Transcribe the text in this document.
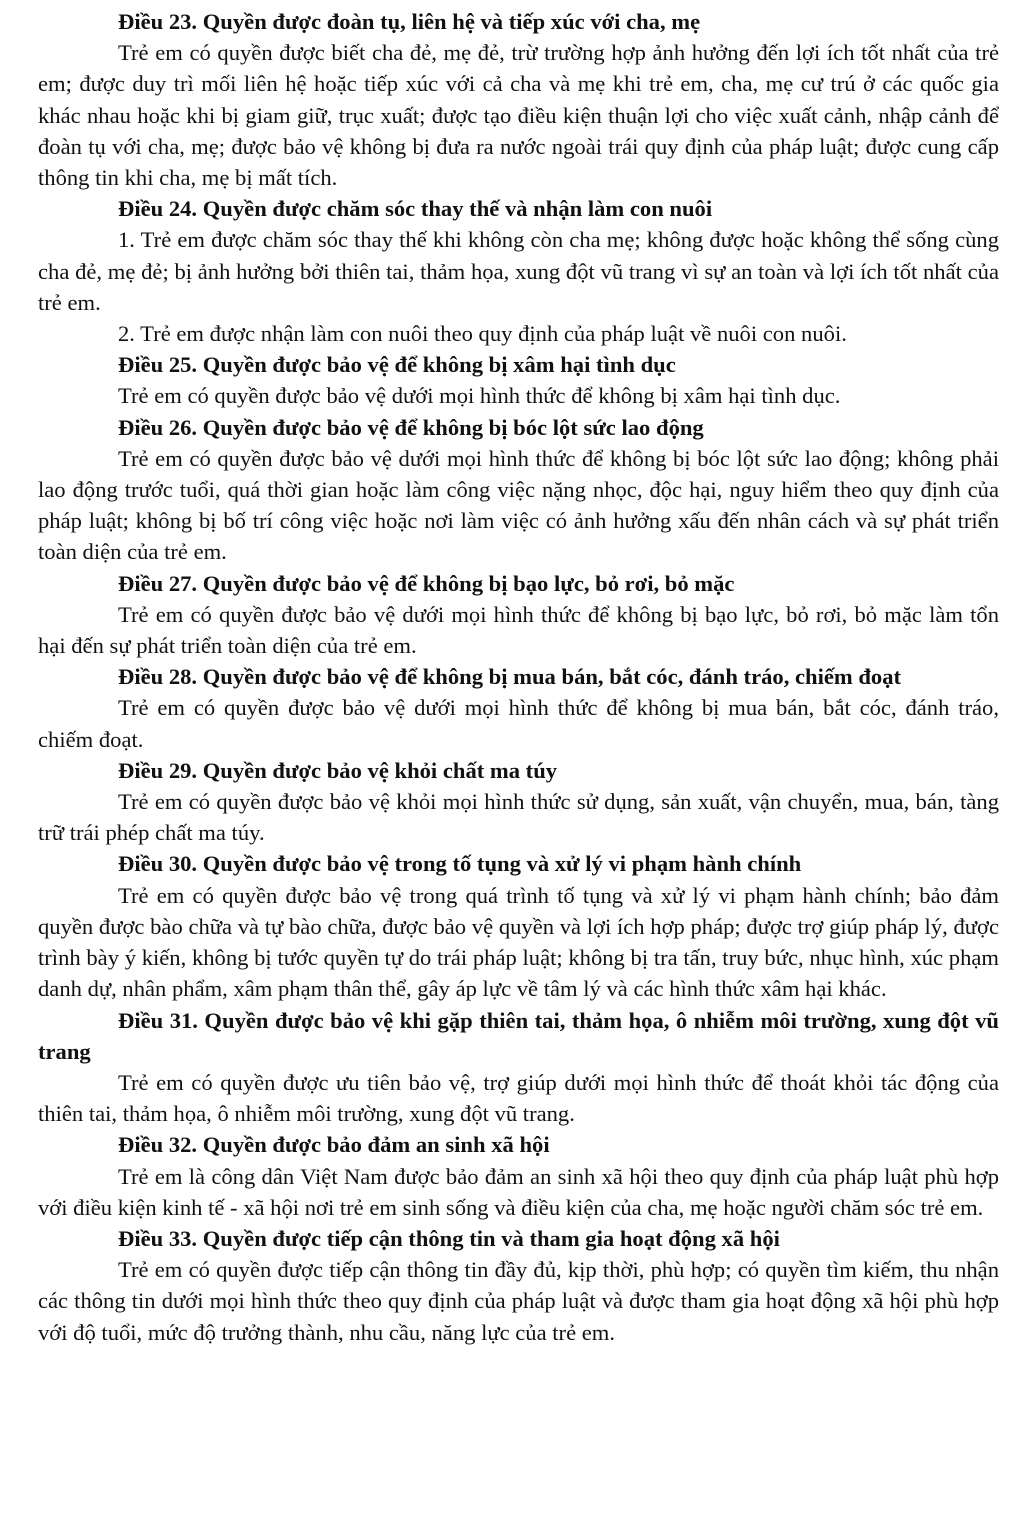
Điều 23. Quyền được đoàn tụ, liên hệ và tiếp xúc với cha, mẹ

Trẻ em có quyền được biết cha đẻ, mẹ đẻ, trừ trường hợp ảnh hưởng đến lợi ích tốt nhất của trẻ em; được duy trì mối liên hệ hoặc tiếp xúc với cả cha và mẹ khi trẻ em, cha, mẹ cư trú ở các quốc gia khác nhau hoặc khi bị giam giữ, trục xuất; được tạo điều kiện thuận lợi cho việc xuất cảnh, nhập cảnh để đoàn tụ với cha, mẹ; được bảo vệ không bị đưa ra nước ngoài trái quy định của pháp luật; được cung cấp thông tin khi cha, mẹ bị mất tích.

Điều 24. Quyền được chăm sóc thay thế và nhận làm con nuôi

1. Trẻ em được chăm sóc thay thế khi không còn cha mẹ; không được hoặc không thể sống cùng cha đẻ, mẹ đẻ; bị ảnh hưởng bởi thiên tai, thảm họa, xung đột vũ trang vì sự an toàn và lợi ích tốt nhất của trẻ em.

2. Trẻ em được nhận làm con nuôi theo quy định của pháp luật về nuôi con nuôi.

Điều 25. Quyền được bảo vệ để không bị xâm hại tình dục

Trẻ em có quyền được bảo vệ dưới mọi hình thức để không bị xâm hại tình dục.

Điều 26. Quyền được bảo vệ để không bị bóc lột sức lao động

Trẻ em có quyền được bảo vệ dưới mọi hình thức để không bị bóc lột sức lao động; không phải lao động trước tuổi, quá thời gian hoặc làm công việc nặng nhọc, độc hại, nguy hiểm theo quy định của pháp luật; không bị bố trí công việc hoặc nơi làm việc có ảnh hưởng xấu đến nhân cách và sự phát triển toàn diện của trẻ em.

Điều 27. Quyền được bảo vệ để không bị bạo lực, bỏ rơi, bỏ mặc

Trẻ em có quyền được bảo vệ dưới mọi hình thức để không bị bạo lực, bỏ rơi, bỏ mặc làm tổn hại đến sự phát triển toàn diện của trẻ em.

Điều 28. Quyền được bảo vệ để không bị mua bán, bắt cóc, đánh tráo, chiếm đoạt

Trẻ em có quyền được bảo vệ dưới mọi hình thức để không bị mua bán, bắt cóc, đánh tráo, chiếm đoạt.

Điều 29. Quyền được bảo vệ khỏi chất ma túy

Trẻ em có quyền được bảo vệ khỏi mọi hình thức sử dụng, sản xuất, vận chuyển, mua, bán, tàng trữ trái phép chất ma túy.

Điều 30. Quyền được bảo vệ trong tố tụng và xử lý vi phạm hành chính

Trẻ em có quyền được bảo vệ trong quá trình tố tụng và xử lý vi phạm hành chính; bảo đảm quyền được bào chữa và tự bào chữa, được bảo vệ quyền và lợi ích hợp pháp; được trợ giúp pháp lý, được trình bày ý kiến, không bị tước quyền tự do trái pháp luật; không bị tra tấn, truy bức, nhục hình, xúc phạm danh dự, nhân phẩm, xâm phạm thân thể, gây áp lực về tâm lý và các hình thức xâm hại khác.

Điều 31. Quyền được bảo vệ khi gặp thiên tai, thảm họa, ô nhiễm môi trường, xung đột vũ trang

Trẻ em có quyền được ưu tiên bảo vệ, trợ giúp dưới mọi hình thức để thoát khỏi tác động của thiên tai, thảm họa, ô nhiễm môi trường, xung đột vũ trang.

Điều 32. Quyền được bảo đảm an sinh xã hội

Trẻ em là công dân Việt Nam được bảo đảm an sinh xã hội theo quy định của pháp luật phù hợp với điều kiện kinh tế - xã hội nơi trẻ em sinh sống và điều kiện của cha, mẹ hoặc người chăm sóc trẻ em.

Điều 33. Quyền được tiếp cận thông tin và tham gia hoạt động xã hội

Trẻ em có quyền được tiếp cận thông tin đầy đủ, kịp thời, phù hợp; có quyền tìm kiếm, thu nhận các thông tin dưới mọi hình thức theo quy định của pháp luật và được tham gia hoạt động xã hội phù hợp với độ tuổi, mức độ trưởng thành, nhu cầu, năng lực của trẻ em.
